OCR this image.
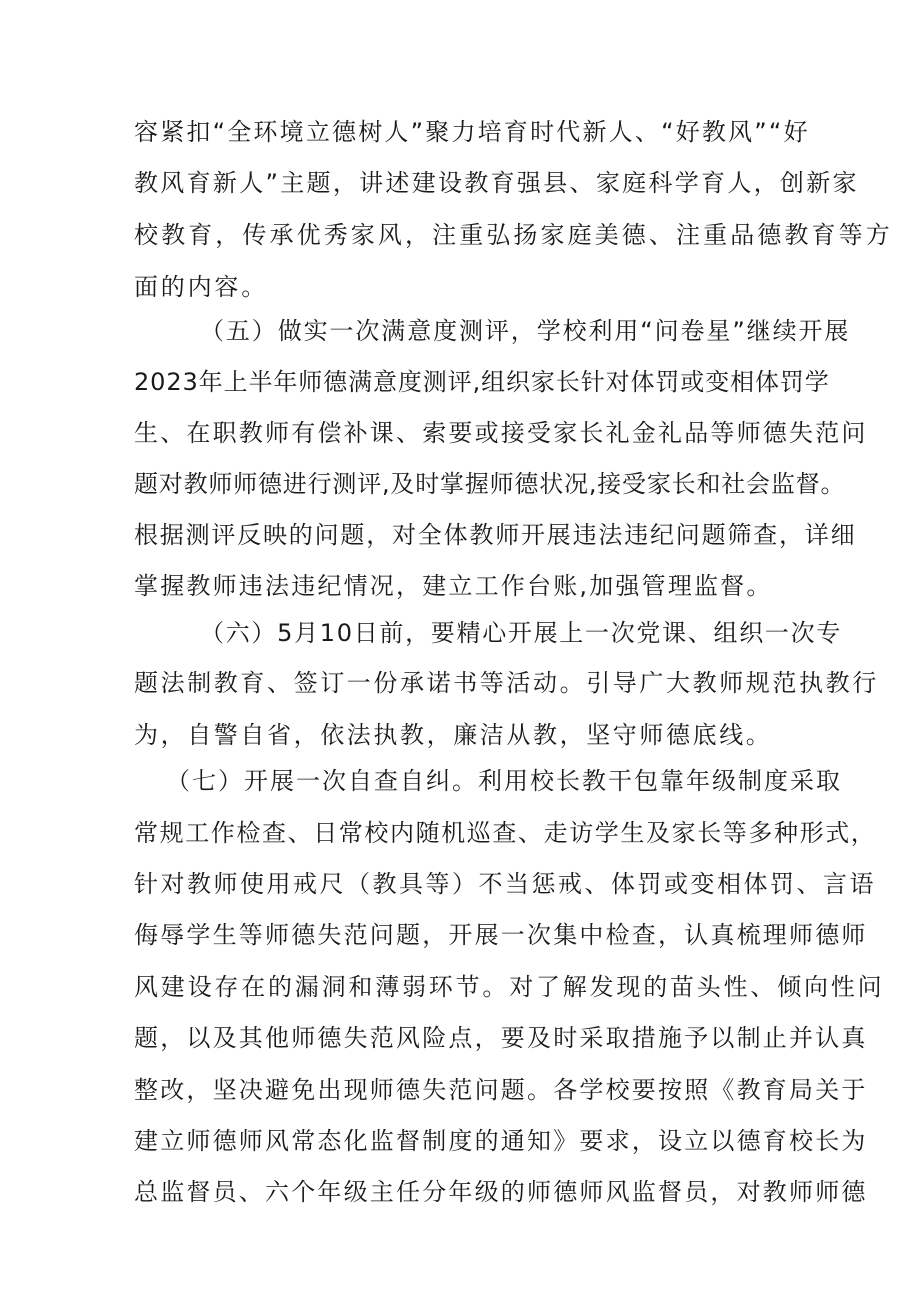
容紧扣“全环境立德树人”聚力培育时代新人、“好教风”“好
教风育新人”主题，讲述建设教育强县、家庭科学育人，创新家
校教育，传承优秀家风，注重弘扬家庭美德、注重品德教育等方
面的内容。
（五）做实一次满意度测评，学校利用“问卷星”继续开展
2023年上半年师德满意度测评,组织家长针对体罚或变相体罚学
生、在职教师有偿补课、索要或接受家长礼金礼品等师德失范问
题对教师师德进行测评,及时掌握师德状况,接受家长和社会监督。
根据测评反映的问题，对全体教师开展违法违纪问题筛查，详细
掌握教师违法违纪情况，建立工作台账,加强管理监督。
（六）5月10日前，要精心开展上一次党课、组织一次专
题法制教育、签订一份承诺书等活动。引导广大教师规范执教行
为，自警自省，依法执教，廉洁从教，坚守师德底线。
（七）开展一次自查自纠。利用校长教干包靠年级制度采取
常规工作检查、日常校内随机巡查、走访学生及家长等多种形式，
针对教师使用戒尺（教具等）不当惩戒、体罚或变相体罚、言语
侮辱学生等师德失范问题，开展一次集中检查，认真梳理师德师
风建设存在的漏洞和薄弱环节。对了解发现的苗头性、倾向性问
题，以及其他师德失范风险点，要及时采取措施予以制止并认真
整改，坚决避免出现师德失范问题。各学校要按照《教育局关于
建立师德师风常态化监督制度的通知》要求，设立以德育校长为
总监督员、六个年级主任分年级的师德师风监督员，对教师师德
